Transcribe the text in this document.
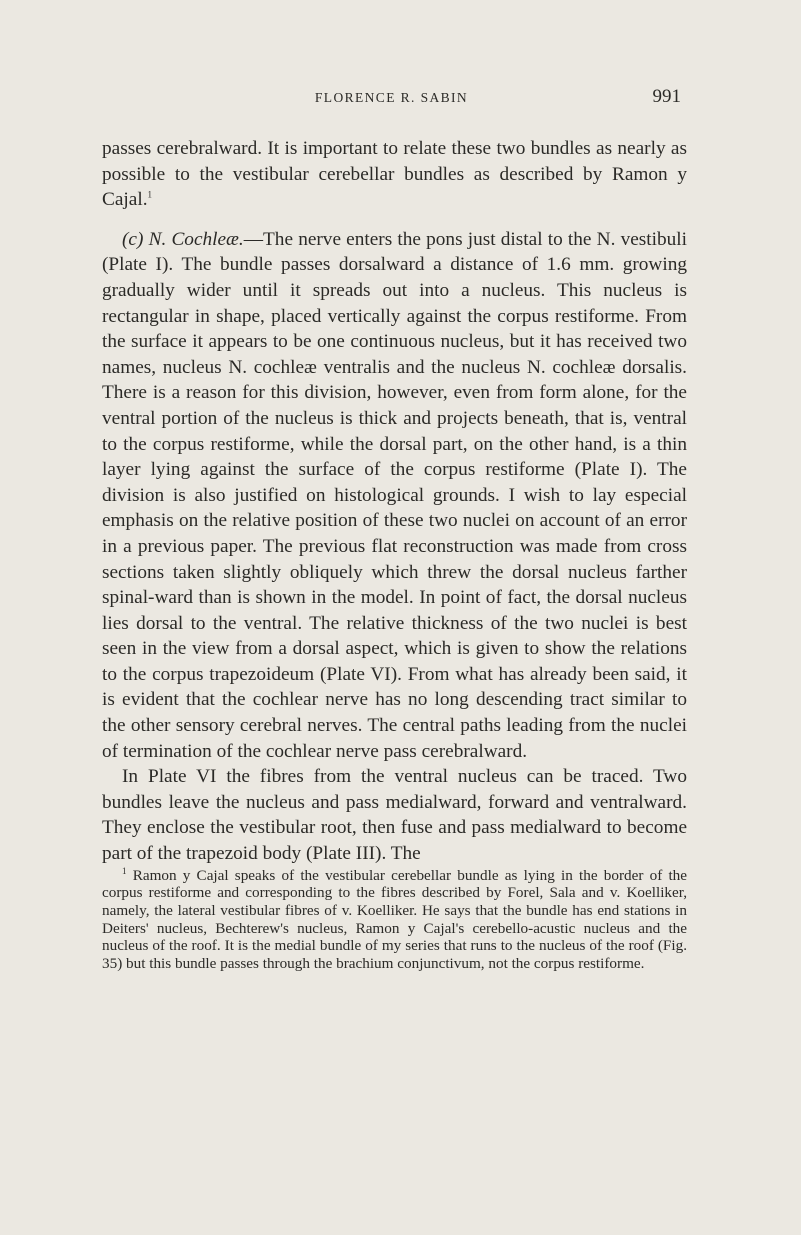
FLORENCE R. SABIN	991

passes cerebralward. It is important to relate these two bundles as nearly as possible to the vestibular cerebellar bundles as described by Ramon y Cajal.$^1$

(c) N. Cochleæ.—The nerve enters the pons just distal to the N. vestibuli (Plate I). The bundle passes dorsalward a distance of 1.6 mm. growing gradually wider until it spreads out into a nucleus. This nucleus is rectangular in shape, placed vertically against the corpus restiforme. From the surface it appears to be one continuous nucleus, but it has received two names, nucleus N. cochleæ ventralis and the nucleus N. cochleæ dorsalis. There is a reason for this division, however, even from form alone, for the ventral portion of the nucleus is thick and projects beneath, that is, ventral to the corpus restiforme, while the dorsal part, on the other hand, is a thin layer lying against the surface of the corpus restiforme (Plate I). The division is also justified on histological grounds. I wish to lay especial emphasis on the relative position of these two nuclei on account of an error in a previous paper. The previous flat reconstruction was made from cross sections taken slightly obliquely which threw the dorsal nucleus farther spinal-ward than is shown in the model. In point of fact, the dorsal nucleus lies dorsal to the ventral. The relative thickness of the two nuclei is best seen in the view from a dorsal aspect, which is given to show the relations to the corpus trapezoideum (Plate VI). From what has already been said, it is evident that the cochlear nerve has no long descending tract similar to the other sensory cerebral nerves. The central paths leading from the nuclei of termination of the cochlear nerve pass cerebralward.

In Plate VI the fibres from the ventral nucleus can be traced. Two bundles leave the nucleus and pass medialward, forward and ventralward. They enclose the vestibular root, then fuse and pass medialward to become part of the trapezoid body (Plate III). The

$^1$ Ramon y Cajal speaks of the vestibular cerebellar bundle as lying in the border of the corpus restiforme and corresponding to the fibres described by Forel, Sala and v. Koelliker, namely, the lateral vestibular fibres of v. Koelliker. He says that the bundle has end stations in Deiters' nucleus, Bechterew's nucleus, Ramon y Cajal's cerebello-acustic nucleus and the nucleus of the roof. It is the medial bundle of my series that runs to the nucleus of the roof (Fig. 35) but this bundle passes through the brachium conjunctivum, not the corpus restiforme.
